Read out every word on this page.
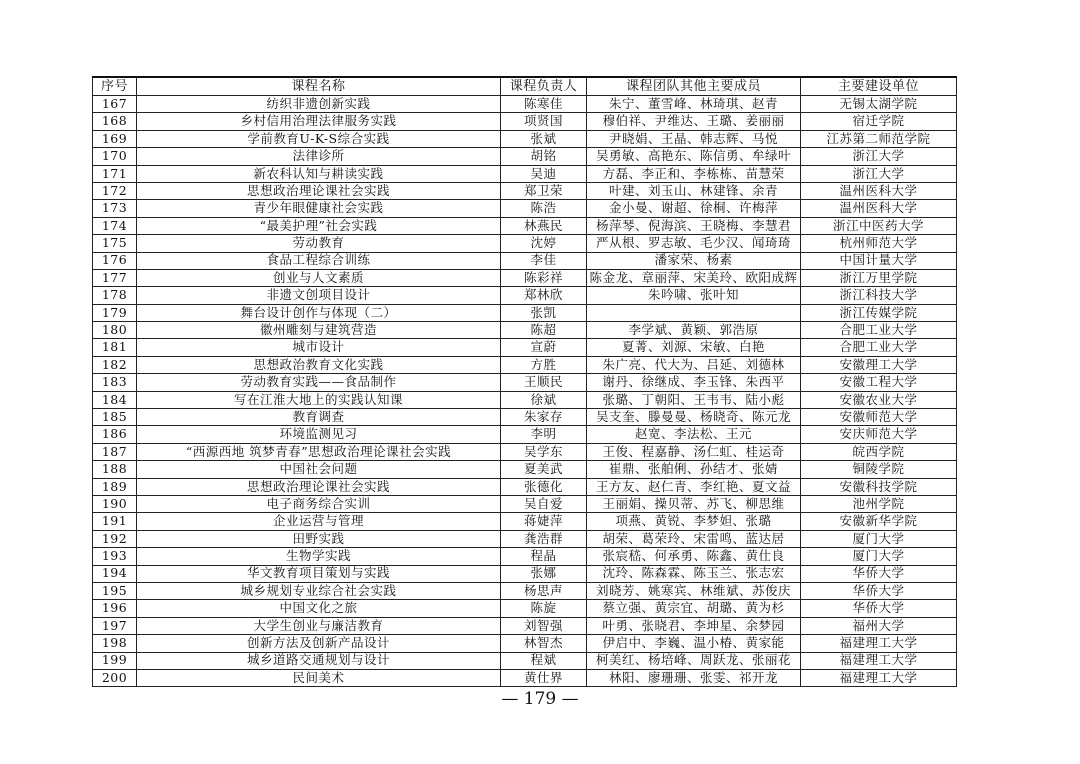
序号	课程名称	课程负责人	课程团队其他主要成员	主要建设单位
167	纺织非遗创新实践	陈寒佳	朱宁、董雪峰、林琦琪、赵青	无锡太湖学院
168	乡村信用治理法律服务实践	项贤国	穆伯祥、尹维达、王璐、姜丽丽	宿迁学院
169	学前教育U-K-S综合实践	张斌	尹晓娟、王晶、韩志辉、马悦	江苏第二师范学院
170	法律诊所	胡铭	吴勇敏、高艳东、陈信勇、牟绿叶	浙江大学
171	新农科认知与耕读实践	吴迪	方磊、李正和、李栋栋、苗慧荣	浙江大学
172	思想政治理论课社会实践	郑卫荣	叶建、刘玉山、林建锋、余青	温州医科大学
173	青少年眼健康社会实践	陈浩	金小曼、谢超、徐桐、许梅萍	温州医科大学
174	“最美护理”社会实践	林燕民	杨萍琴、倪海滨、王晓梅、李慧君	浙江中医药大学
175	劳动教育	沈婷	严从根、罗志敏、毛少汉、闻琦琦	杭州师范大学
176	食品工程综合训练	李佳	潘家荣、杨素	中国计量大学
177	创业与人文素质	陈彩祥	陈金龙、章丽萍、宋美玲、欧阳成辉	浙江万里学院
178	非遗文创项目设计	郑林欣	朱吟啸、张叶知	浙江科技大学
179	舞台设计创作与体现（二）	张凯		浙江传媒学院
180	徽州雕刻与建筑营造	陈超	李学斌、黄颖、郭浩原	合肥工业大学
181	城市设计	宣蔚	夏菁、刘源、宋敏、白艳	合肥工业大学
182	思想政治教育文化实践	方胜	朱广亮、代大为、吕延、刘德林	安徽理工大学
183	劳动教育实践——食品制作	王顺民	谢丹、徐继成、李玉锋、朱西平	安徽工程大学
184	写在江淮大地上的实践认知课	徐斌	张璐、丁朝阳、王韦韦、陆小彪	安徽农业大学
185	教育调查	朱家存	吴支奎、滕曼曼、杨晓奇、陈元龙	安徽师范大学
186	环境监测见习	李明	赵宽、李法松、王元	安庆师范大学
187	“西源西地 筑梦青春”思想政治理论课社会实践	吴学东	王俊、程嘉静、汤仁虹、桂运奇	皖西学院
188	中国社会问题	夏美武	崔鼎、张舶俐、孙结才、张婧	铜陵学院
189	思想政治理论课社会实践	张德化	王方友、赵仁青、李红艳、夏文益	安徽科技学院
190	电子商务综合实训	吴自爱	王丽娟、操贝蒂、苏飞、柳思维	池州学院
191	企业运营与管理	蒋婕萍	项燕、黄锐、李梦妲、张璐	安徽新华学院
192	田野实践	龚浩群	胡荣、葛荣玲、宋雷鸣、蓝达居	厦门大学
193	生物学实践	程晶	张宸嵇、何承勇、陈鑫、黄仕良	厦门大学
194	华文教育项目策划与实践	张娜	沈玲、陈森霖、陈玉兰、张志宏	华侨大学
195	城乡规划专业综合社会实践	杨思声	刘晓芳、姚寒宾、林维斌、苏俊庆	华侨大学
196	中国文化之旅	陈旋	蔡立强、黄宗宜、胡璐、黄为杉	华侨大学
197	大学生创业与廉洁教育	刘智强	叶勇、张晓君、李坤星、余梦园	福州大学
198	创新方法及创新产品设计	林智杰	伊启中、李巍、温小椿、黄家能	福建理工大学
199	城乡道路交通规划与设计	程斌	柯美红、杨培峰、周跃龙、张丽花	福建理工大学
200	民间美术	黄仕界	林阳、廖珊珊、张雯、祁开龙	福建理工大学
— 179 —
